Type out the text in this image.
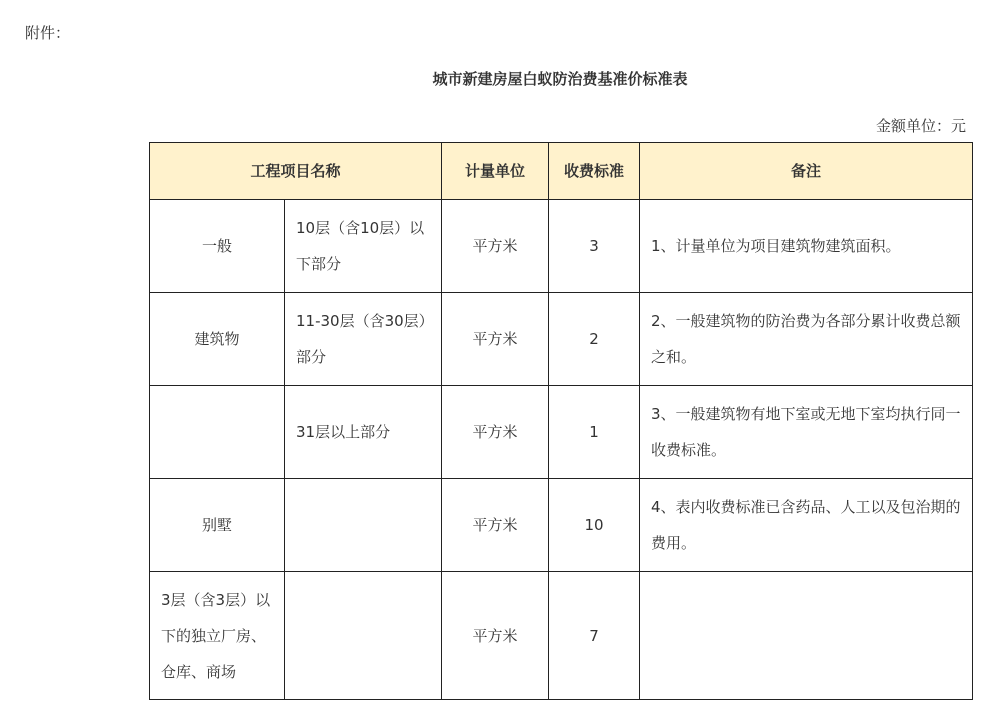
附件：
城市新建房屋白蚁防治费基准价标准表
金额单位：元
工程项目名称		计量单位	收费标准	备注
一般	10层（含10层）以下部分	平方米	3	1、计量单位为项目建筑物建筑面积。
建筑物	11-30层（含30层）部分	平方米	2	2、一般建筑物的防治费为各部分累计收费总额之和。
	31层以上部分	平方米	1	3、一般建筑物有地下室或无地下室均执行同一收费标准。
别墅		平方米	10	4、表内收费标准已含药品、人工以及包治期的费用。
3层（含3层）以下的独立厂房、仓库、商场		平方米	7	
